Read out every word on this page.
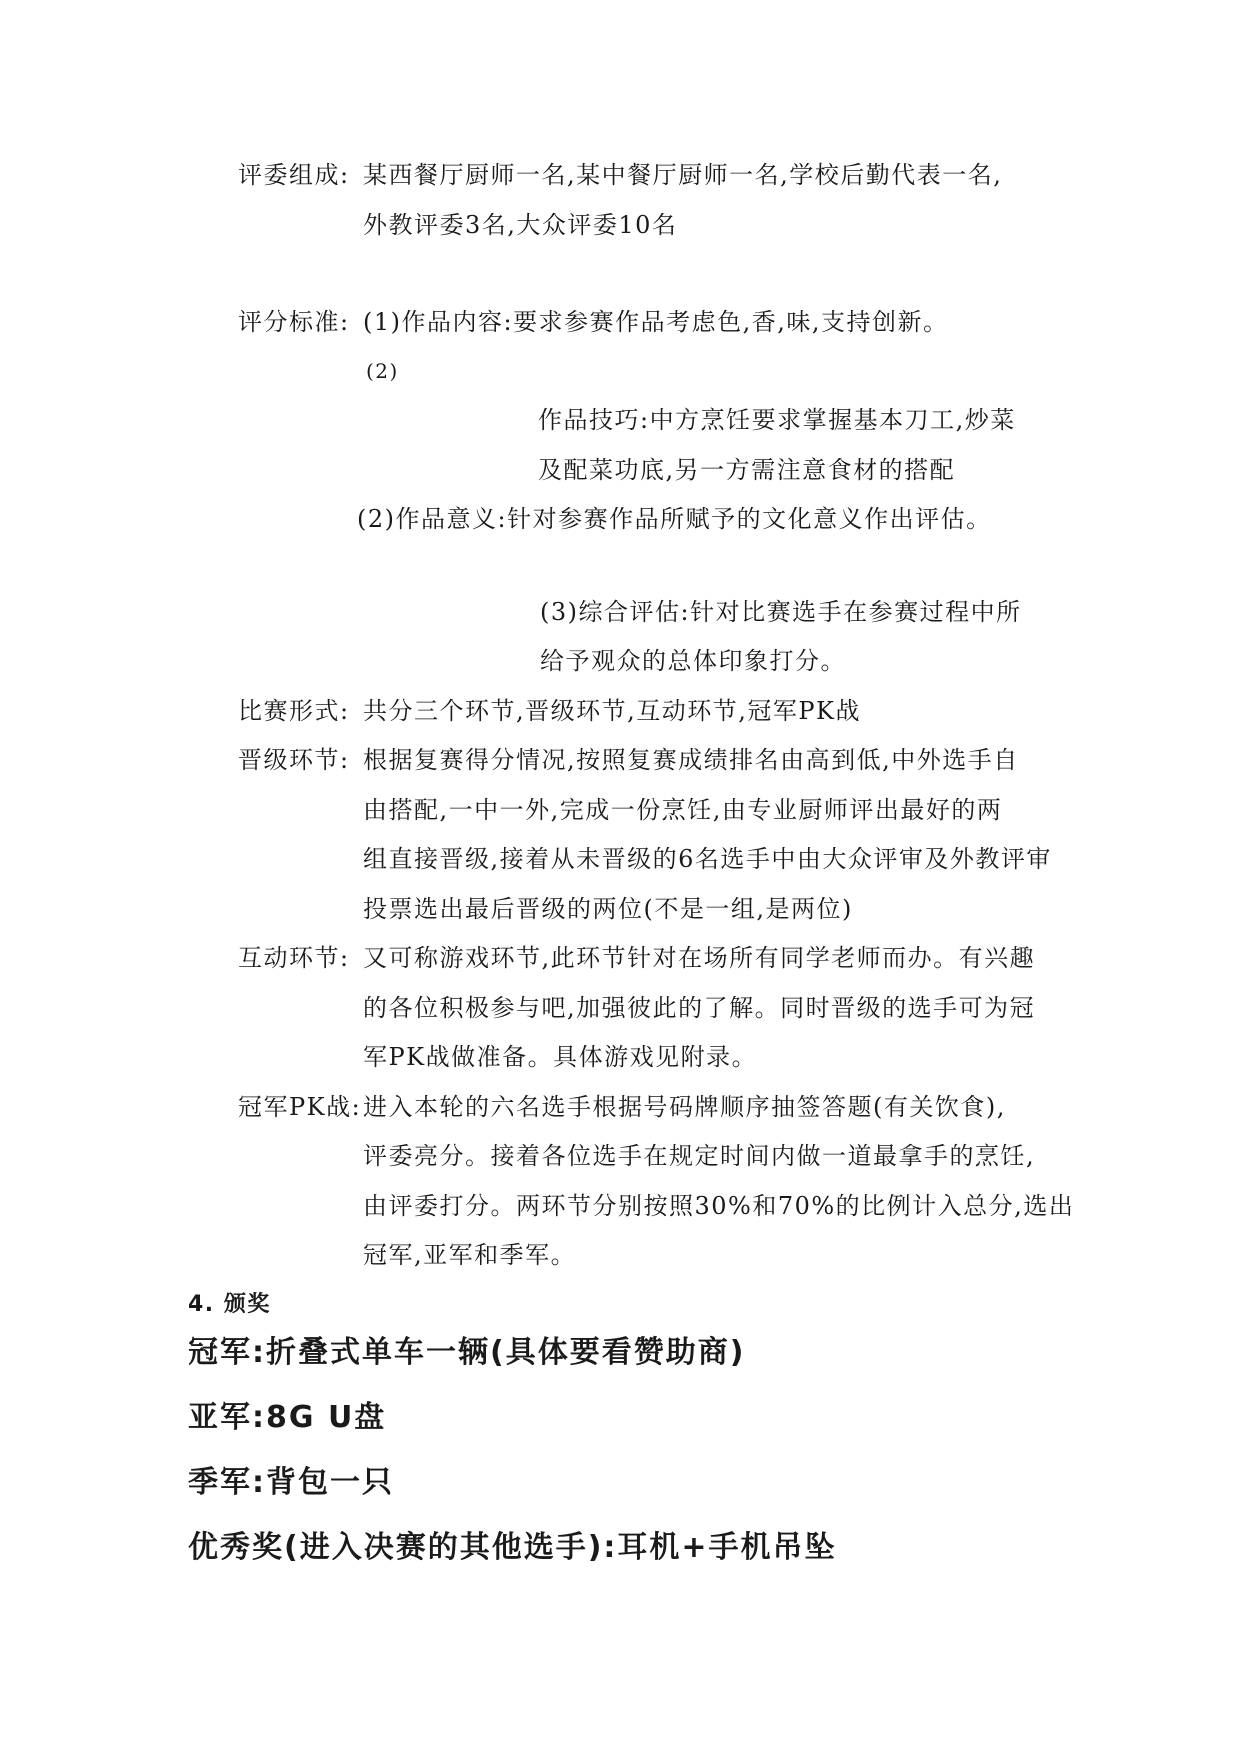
评委组成: 某西餐厅厨师一名,某中餐厅厨师一名,学校后勤代表一名,
外教评委3名,大众评委10名
评分标准: (1)作品内容:要求参赛作品考虑色,香,味,支持创新。
(2)
作品技巧:中方烹饪要求掌握基本刀工,炒菜
及配菜功底,另一方需注意食材的搭配
(2)作品意义:针对参赛作品所赋予的文化意义作出评估。
(3)综合评估:针对比赛选手在参赛过程中所
给予观众的总体印象打分。
比赛形式: 共分三个环节,晋级环节,互动环节,冠军PK战
晋级环节: 根据复赛得分情况,按照复赛成绩排名由高到低,中外选手自
由搭配,一中一外,完成一份烹饪,由专业厨师评出最好的两
组直接晋级,接着从未晋级的6名选手中由大众评审及外教评审
投票选出最后晋级的两位(不是一组,是两位)
互动环节: 又可称游戏环节,此环节针对在场所有同学老师而办。有兴趣
的各位积极参与吧,加强彼此的了解。同时晋级的选手可为冠
军PK战做准备。具体游戏见附录。
冠军PK战: 进入本轮的六名选手根据号码牌顺序抽签答题(有关饮食),
评委亮分。接着各位选手在规定时间内做一道最拿手的烹饪,
由评委打分。两环节分别按照30%和70%的比例计入总分,选出
冠军,亚军和季军。
4. 颁奖
冠军:折叠式单车一辆(具体要看赞助商)
亚军:8G U盘
季军:背包一只
优秀奖(进入决赛的其他选手):耳机+手机吊坠
